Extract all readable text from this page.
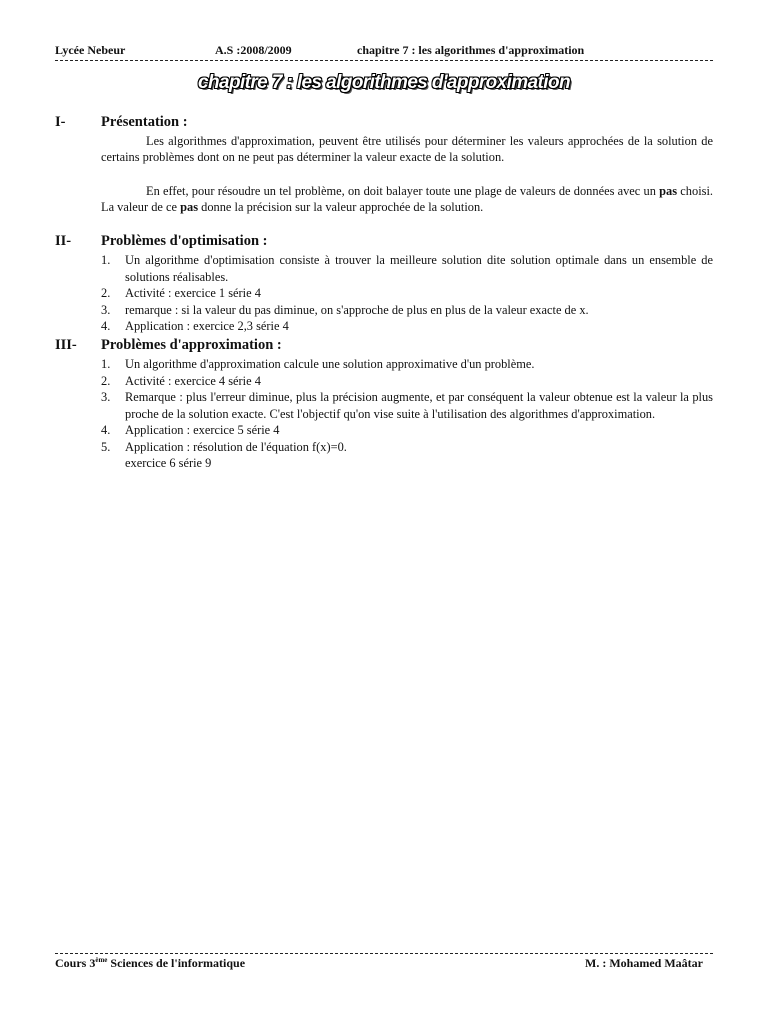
Lycée Nebeur	A.S :2008/2009	chapitre 7 : les algorithmes d'approximation
chapitre 7 : les algorithmes d'approximation
I- Présentation :
Les algorithmes d'approximation, peuvent être utilisés pour déterminer les valeurs approchées de la solution de certains problèmes dont on ne peut pas déterminer la valeur exacte de la solution.
En effet, pour résoudre un tel problème, on doit balayer toute une plage de valeurs de données avec un pas choisi. La valeur de ce pas donne la précision sur la valeur approchée de la solution.
II- Problèmes d'optimisation :
1. Un algorithme d'optimisation consiste à trouver la meilleure solution dite solution optimale dans un ensemble de solutions réalisables.
2. Activité : exercice 1 série 4
3. remarque : si la valeur du pas diminue, on s'approche de plus en plus de la valeur exacte de x.
4. Application : exercice 2,3 série 4
III- Problèmes d'approximation :
1. Un algorithme d'approximation calcule une solution approximative d'un problème.
2. Activité : exercice 4 série 4
3. Remarque : plus l'erreur diminue, plus la précision augmente, et par conséquent la valeur obtenue est la valeur la plus proche de la solution exacte. C'est l'objectif qu'on vise suite à l'utilisation des algorithmes d'approximation.
4. Application : exercice 5 série 4
5. Application : résolution de l'équation f(x)=0.
exercice 6 série 9
Cours 3ème Sciences de l'informatique	M. : Mohamed Maâtar
